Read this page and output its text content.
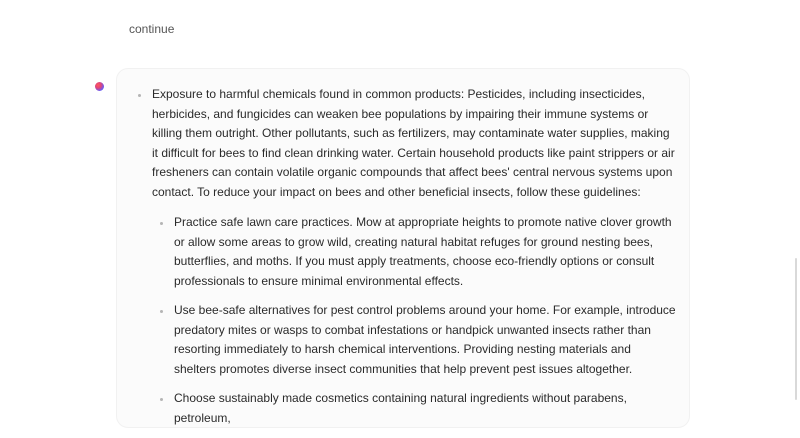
continue
Exposure to harmful chemicals found in common products: Pesticides, including insecticides, herbicides, and fungicides can weaken bee populations by impairing their immune systems or killing them outright. Other pollutants, such as fertilizers, may contaminate water supplies, making it difficult for bees to find clean drinking water. Certain household products like paint strippers or air fresheners can contain volatile organic compounds that affect bees' central nervous systems upon contact. To reduce your impact on bees and other beneficial insects, follow these guidelines:
Practice safe lawn care practices. Mow at appropriate heights to promote native clover growth or allow some areas to grow wild, creating natural habitat refuges for ground nesting bees, butterflies, and moths. If you must apply treatments, choose eco-friendly options or consult professionals to ensure minimal environmental effects.
Use bee-safe alternatives for pest control problems around your home. For example, introduce predatory mites or wasps to combat infestations or handpick unwanted insects rather than resorting immediately to harsh chemical interventions. Providing nesting materials and shelters promotes diverse insect communities that help prevent pest issues altogether.
Choose sustainably made cosmetics containing natural ingredients without parabens, petroleum,
